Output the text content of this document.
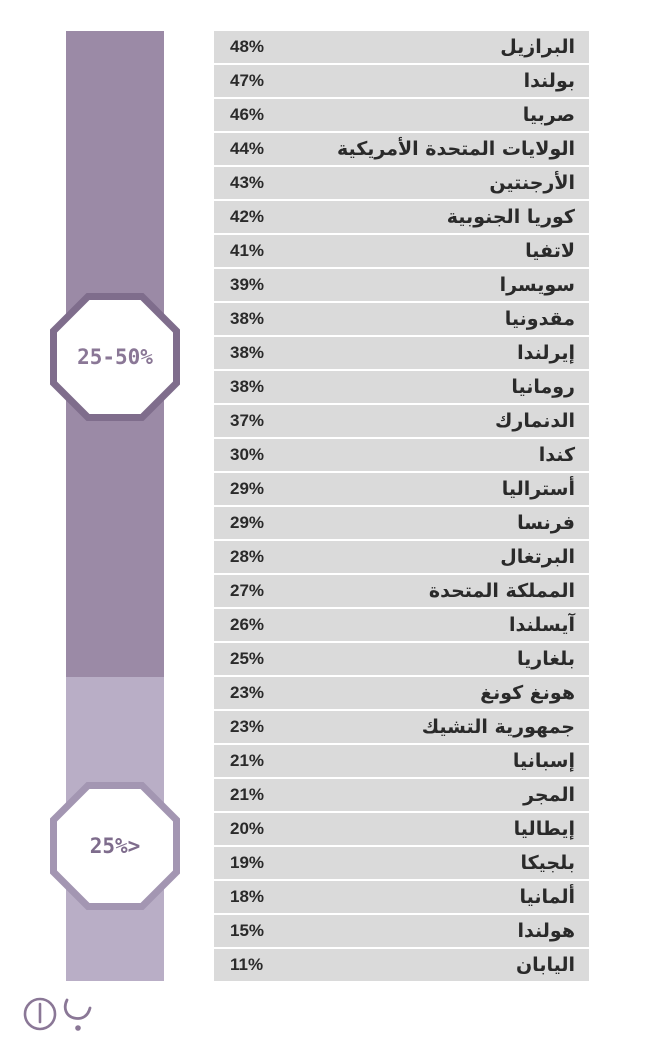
25-50%
25%>
البرازيل
48%
بولندا
47%
صربيا
46%
الولايات المتحدة الأمريكية
44%
الأرجنتين
43%
كوريا الجنوبية
42%
لاتفيا
41%
سويسرا
39%
مقدونيا
38%
إيرلندا
38%
رومانيا
38%
الدنمارك
37%
كندا
30%
أستراليا
29%
فرنسا
29%
البرتغال
28%
المملكة المتحدة
27%
آيسلندا
26%
بلغاريا
25%
هونغ كونغ
23%
جمهورية التشيك
23%
إسبانيا
21%
المجر
21%
إيطاليا
20%
بلجيكا
19%
ألمانيا
18%
هولندا
15%
اليابان
11%
